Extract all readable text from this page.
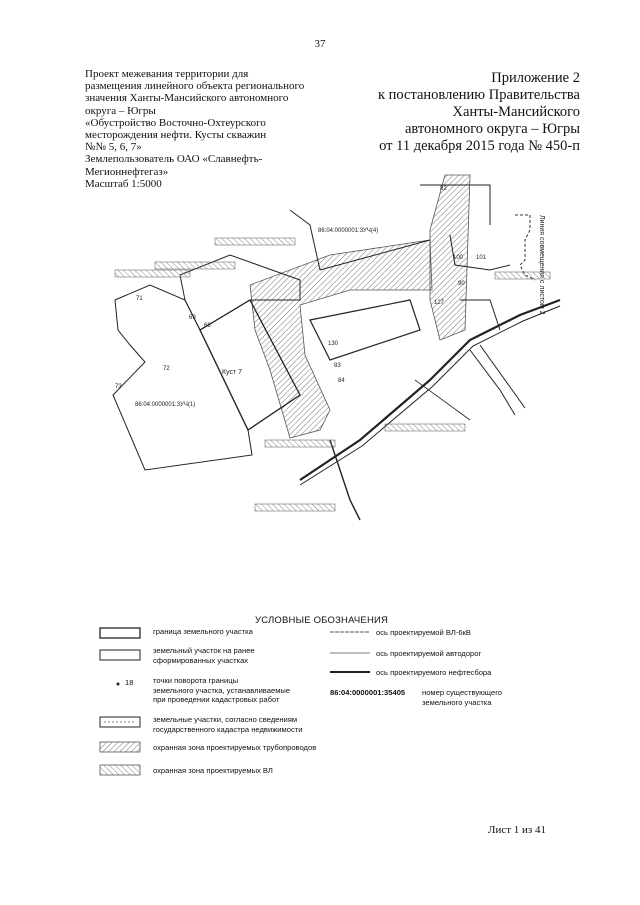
37
Проект межевания территории для
размещения линейного объекта регионального
значения Ханты-Мансийского автономного
округа – Югры
«Обустройство Восточно-Охтеурского
месторождения нефти. Кусты скважин
№№ 5, 6, 7»
Землепользователь ОАО «Славнефть-
Мегионнефтегаз»
Масштаб 1:5000
Приложение 2
к постановлению Правительства
Ханты-Мансийского
автономного округа – Югры
от 11 декабря 2015 года № 450-п
Куст 7
86:04:0000001:3УЧ(1)
86:04:0000001:3УЧ(4)	Линия совмещения с листом 2
71
72
73
69
68
127
130
100 101
90
82
83
84
УСЛОВНЫЕ ОБОЗНАЧЕНИЯ
граница земельного участка
земельный участок на ранее
сформированных участках
18	точки поворота границы
земельного участка, устанавливаемые
при проведении кадастровых работ
земельные участки, согласно сведениям
государственного кадастра недвижимости
охранная зона проектируемых трубопроводов
охранная зона проектируемых ВЛ
ось проектируемой ВЛ-6кВ
ось проектируемой автодорог
ось проектируемого нефтесбора
86:04:0000001:35405 номер существующего
земельного участка
Лист 1 из 41
